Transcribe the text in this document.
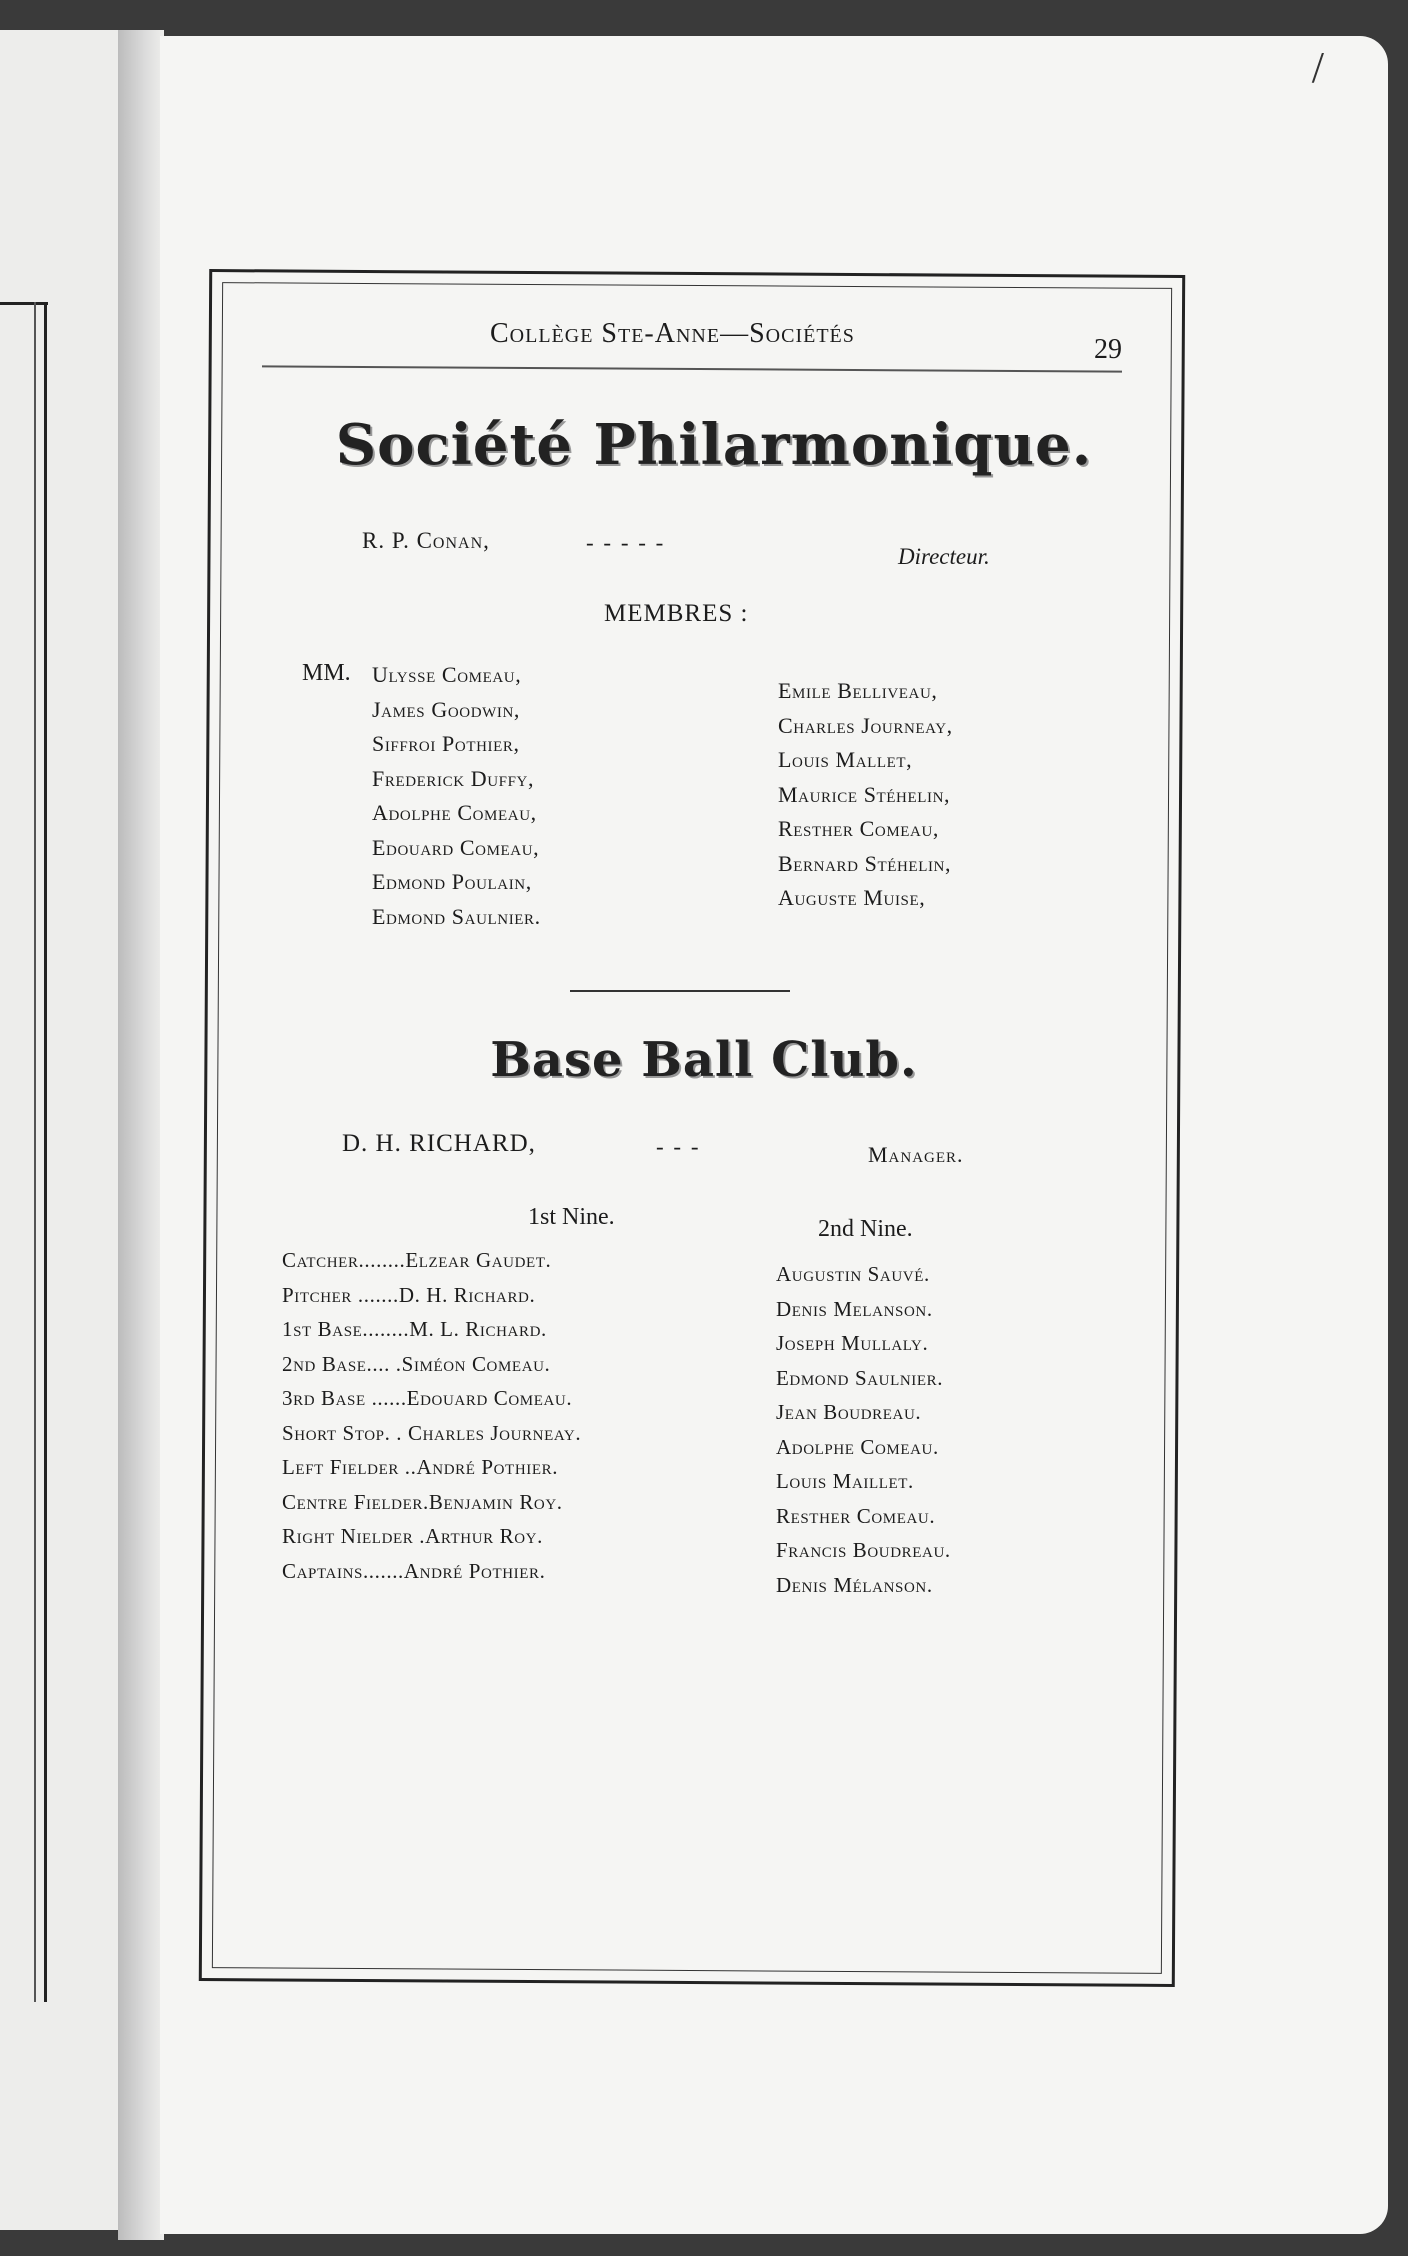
/
Collège Ste-Anne—Sociétés
29
Société Philarmonique.
R. P. Conan,	- - - - -
Directeur.
MEMBRES :
MM. Ulysse Comeau,
James Goodwin,
Siffroi Pothier,
Frederick Duffy,
Adolphe Comeau,
Edouard Comeau,
Edmond Poulain,
Edmond Saulnier.
Emile Belliveau,
Charles Journeay,
Louis Mallet,
Maurice Stéhelin,
Resther Comeau,
Bernard Stéhelin,
Auguste Muise,
Base Ball Club.
D. H. RICHARD,	- - -	Manager.
1st Nine.	2nd Nine.
Catcher........Elzear Gaudet.
Pitcher .......D. H. Richard.
1st Base........M. L. Richard.
2nd Base.... .Siméon Comeau.
3rd Base ......Edouard Comeau.
Short Stop. . Charles Journeay.
Left Fielder ..André Pothier.
Centre Fielder.Benjamin Roy.
Right Nielder .Arthur Roy.
Captains.......André Pothier.
Augustin Sauvé.
Denis Melanson.
Joseph Mullaly.
Edmond Saulnier.
Jean Boudreau.
Adolphe Comeau.
Louis Maillet.
Resther Comeau.
Francis Boudreau.
Denis Mélanson.
